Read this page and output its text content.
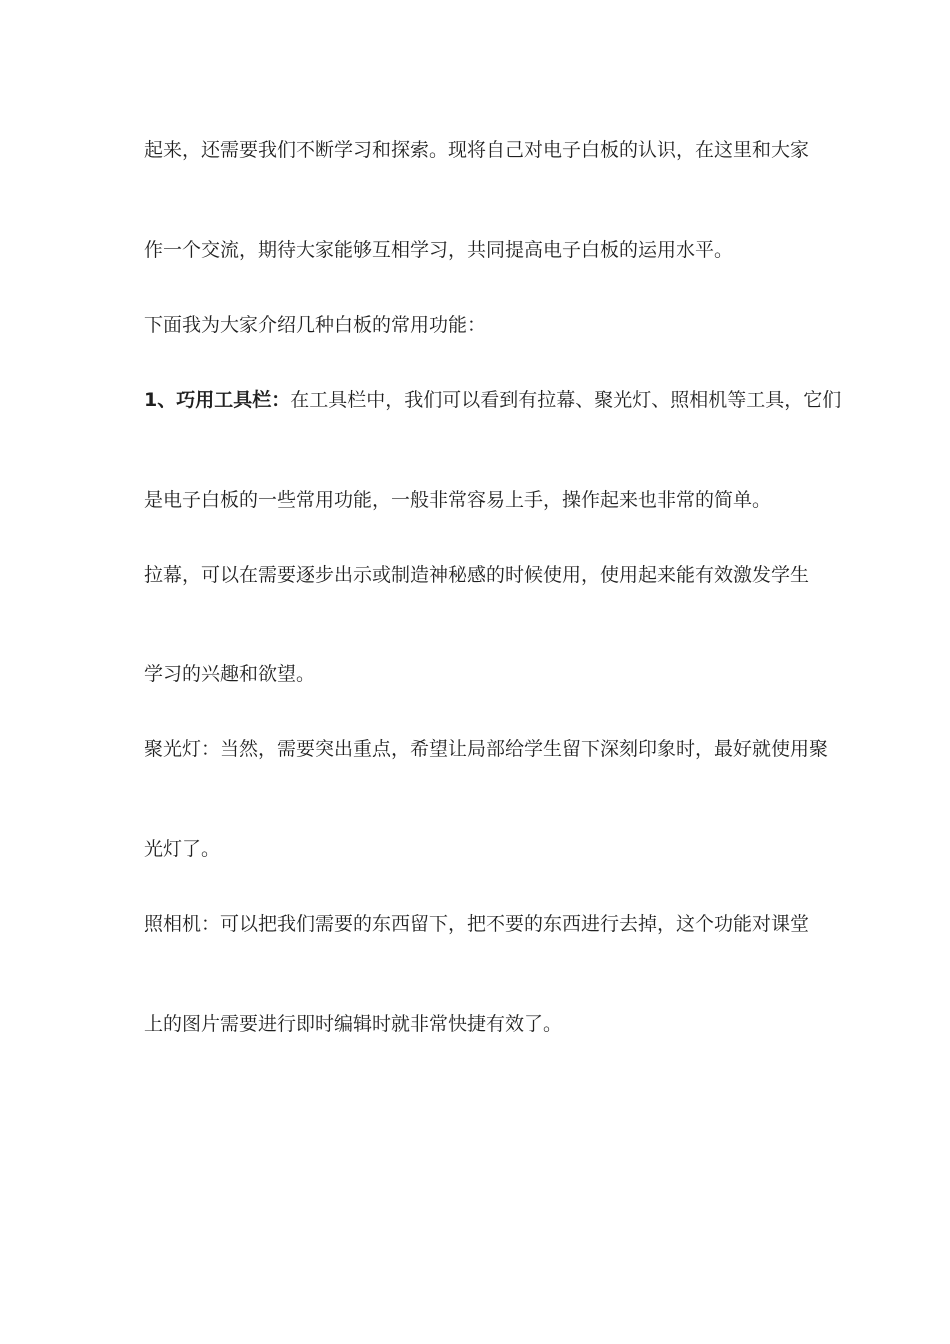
起来，还需要我们不断学习和探索。现将自己对电子白板的认识，在这里和大家
作一个交流，期待大家能够互相学习，共同提高电子白板的运用水平。
下面我为大家介绍几种白板的常用功能：
1、巧用工具栏：在工具栏中，我们可以看到有拉幕、聚光灯、照相机等工具，它们
是电子白板的一些常用功能，一般非常容易上手，操作起来也非常的简单。
拉幕，可以在需要逐步出示或制造神秘感的时候使用，使用起来能有效激发学生
学习的兴趣和欲望。
聚光灯：当然，需要突出重点，希望让局部给学生留下深刻印象时，最好就使用聚
光灯了。
照相机：可以把我们需要的东西留下，把不要的东西进行去掉，这个功能对课堂
上的图片需要进行即时编辑时就非常快捷有效了。
